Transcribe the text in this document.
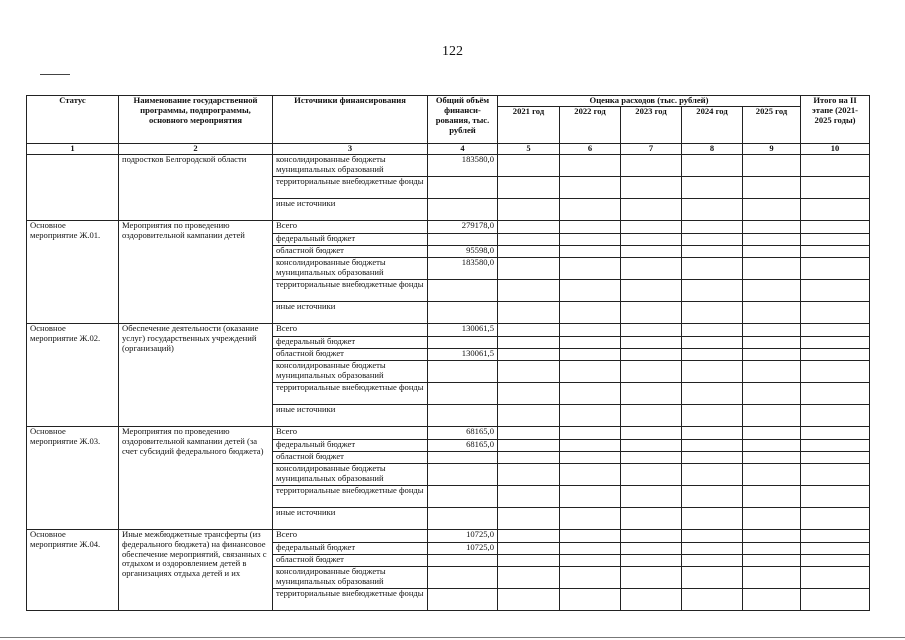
122
Статус	Наименование государственной программы, подпрограммы, основного мероприятия	Источники финансирования	Общий объём финанси-рования, тыс. рублей	Оценка расходов (тыс. рублей)					Итого на II этапе (2021-2025 годы)
				2021 год	2022 год	2023 год	2024 год	2025 год	
1	2	3	4	5	6	7	8	9	10
	подростков Белгородской области	консолидированные бюджеты муниципальных образований	183580,0						
		территориальные внебюджетные фонды							
		иные источники							
Основное мероприятие Ж.01.	Мероприятия по проведению оздоровительной кампании детей	Всего	279178,0						
		федеральный бюджет							
		областной бюджет	95598,0						
		консолидированные бюджеты муниципальных образований	183580,0						
		территориальные внебюджетные фонды							
		иные источники							
Основное мероприятие Ж.02.	Обеспечение деятельности (оказание услуг) государственных учреждений (организаций)	Всего	130061,5						
		федеральный бюджет							
		областной бюджет	130061,5						
		консолидированные бюджеты муниципальных образований							
		территориальные внебюджетные фонды							
		иные источники							
Основное мероприятие Ж.03.	Мероприятия по проведению оздоровительной кампании детей (за счет субсидий федерального бюджета)	Всего	68165,0						
		федеральный бюджет	68165,0						
		областной бюджет							
		консолидированные бюджеты муниципальных образований							
		территориальные внебюджетные фонды							
		иные источники							
Основное мероприятие Ж.04.	Иные межбюджетные трансферты (из федерального бюджета) на финансовое обеспечение мероприятий, связанных с отдыхом и оздоровлением детей в организациях отдыха детей и их	Всего	10725,0						
		федеральный бюджет	10725,0						
		областной бюджет							
		консолидированные бюджеты муниципальных образований							
		территориальные внебюджетные фонды							
